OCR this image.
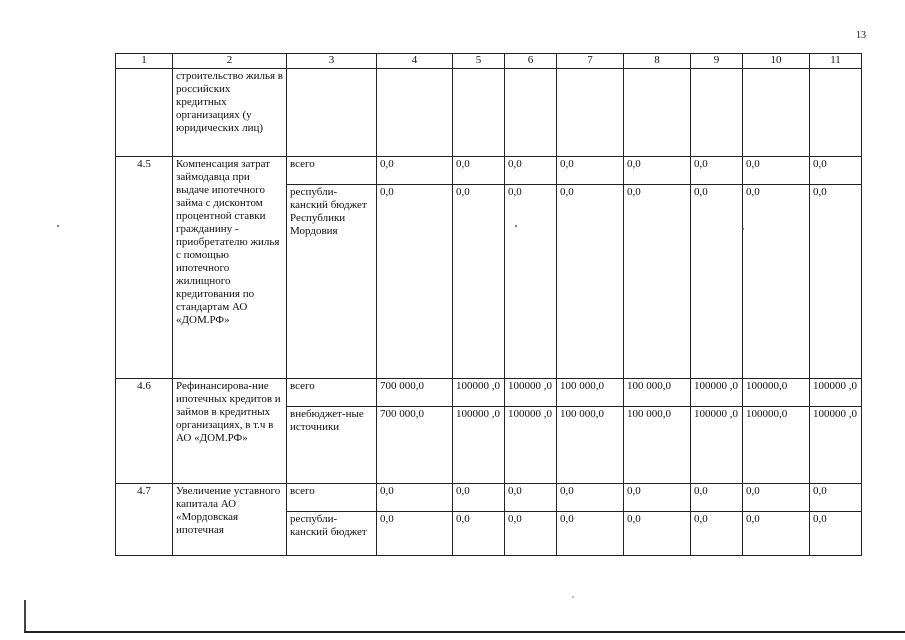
13
1	2	3	4	5	6	7	8	9	10	11
	строительство жилья в российских кредитных организациях (у юридических лиц)									
4.5	Компенсация затрат займодавца при выдаче ипотечного займа с дисконтом процентной ставки гражданину - приобретателю жилья с помощью ипотечного жилищного кредитования по стандартам АО «ДОМ.РФ»	всего	0,0	0,0	0,0	0,0	0,0	0,0	0,0	0,0
		республи-канский бюджет Республики Мордовия	0,0	0,0	0,0	0,0	0,0	0,0	0,0	0,0
4.6	Рефинансирова-ние ипотечных кредитов и займов в кредитных организациях, в т.ч в АО «ДОМ.РФ»	всего	700 000,0	100000 ,0	100000 ,0	100 000,0	100 000,0	100000 ,0	100000,0	100000 ,0
		внебюджет-ные источники	700 000,0	100000 ,0	100000 ,0	100 000,0	100 000,0	100000 ,0	100000,0	100000 ,0
4.7	Увеличение уставного капитала АО «Мордовская ипотечная	всего	0,0	0,0	0,0	0,0	0,0	0,0	0,0	0,0
		республи-канский бюджет	0,0	0,0	0,0	0,0	0,0	0,0	0,0	0,0
